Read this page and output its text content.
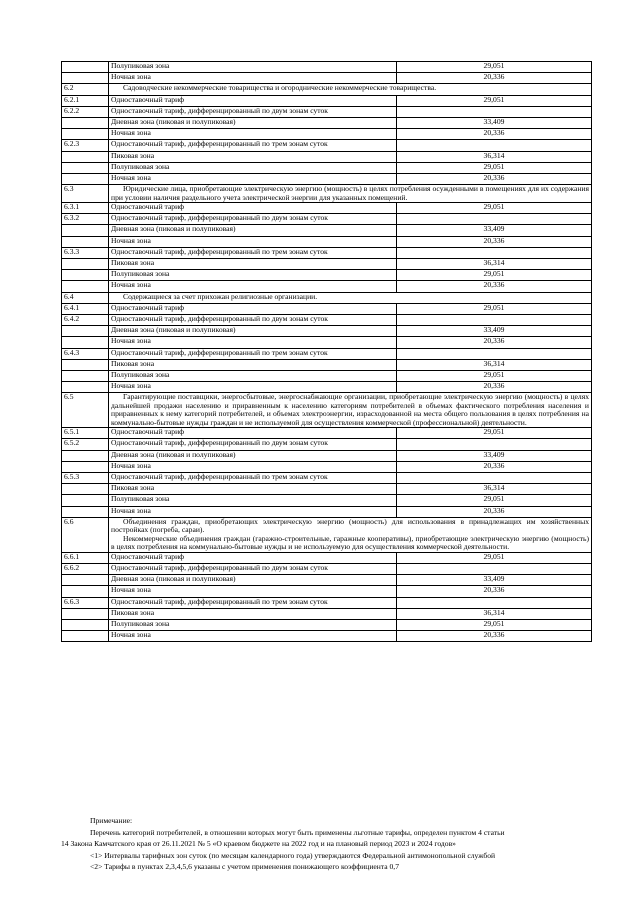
	Полупиковая зона	29,051
	Ночная зона	20,336
6.2	Садоводческие некоммерческие товарищества и огороднические некоммерческие товарищества.	

6.2.1	Одноставочный тариф	29,051
6.2.2	Одноставочный тариф, дифференцированный по двум зонам суток	
	Дневная зона (пиковая и полупиковая)	33,409
	Ночная зона	20,336
6.2.3	Одноставочный тариф, дифференцированный по трем зонам суток	
	Пиковая зона	36,314
	Полупиковая зона	29,051
	Ночная зона	20,336
6.3	Юридические лица, приобретающие электрическую энергию (мощность) в целях потребления осужденными в помещениях для их содержания при условии наличия раздельного учета электрической энергии для указанных помещений.	

6.3.1	Одноставочный тариф	29,051
6.3.2	Одноставочный тариф, дифференцированный по двум зонам суток	
	Дневная зона (пиковая и полупиковая)	33,409
	Ночная зона	20,336
6.3.3	Одноставочный тариф, дифференцированный по трем зонам суток	
	Пиковая зона	36,314
	Полупиковая зона	29,051
	Ночная зона	20,336
6.4	Содержащиеся за счет прихожан религиозные организации.	

6.4.1	Одноставочный тариф	29,051
6.4.2	Одноставочный тариф, дифференцированный по двум зонам суток	
	Дневная зона (пиковая и полупиковая)	33,409
	Ночная зона	20,336
6.4.3	Одноставочный тариф, дифференцированный по трем зонам суток	
	Пиковая зона	36,314
	Полупиковая зона	29,051
	Ночная зона	20,336
6.5	Гарантирующие поставщики, энергосбытовые, энергоснабжающие организации, приобретающие электрическую энергию (мощность) в целях дальнейшей продажи населению и приравненным к населению категориям потребителей в объемах фактического потребления населения и приравненных к нему категорий потребителей, и объемах электроэнергии, израсходованной на места общего пользования в целях потребления на коммунально-бытовые нужды граждан и не используемой для осуществления коммерческой (профессиональной) деятельности.	

6.5.1	Одноставочный тариф	29,051
6.5.2	Одноставочный тариф, дифференцированный по двум зонам суток	
	Дневная зона (пиковая и полупиковая)	33,409
	Ночная зона	20,336
6.5.3	Одноставочный тариф, дифференцированный по трем зонам суток	
	Пиковая зона	36,314
	Полупиковая зона	29,051
	Ночная зона	20,336
6.6	Объединения граждан, приобретающих электрическую энергию (мощность) для использования в принадлежащих им хозяйственных постройках (погреба, сараи).

Некоммерческие объединения граждан (гаражно-строительные, гаражные кооперативы), приобретающие электрическую энергию (мощность) в целях потребления на коммунально-бытовые нужды и не используемую для осуществления коммерческой деятельности.	

6.6.1	Одноставочный тариф	29,051
6.6.2	Одноставочный тариф, дифференцированный по двум зонам суток	
	Дневная зона (пиковая и полупиковая)	33,409
	Ночная зона	20,336
6.6.3	Одноставочный тариф, дифференцированный по трем зонам суток	
	Пиковая зона	36,314
	Полупиковая зона	29,051
	Ночная зона	20,336
Примечание:
Перечень категорий потребителей, в отношении которых могут быть применены льготные тарифы, определен пунктом 4 статьи
14 Закона Камчатского края от 26.11.2021 № 5 «О краевом бюджете на 2022 год и на плановый период 2023 и 2024 годов»
<1> Интервалы тарифных зон суток (по месяцам календарного года) утверждаются Федеральной антимонопольной службой
<2> Тарифы в пунктах 2,3,4,5,6 указаны с учетом применения понижающего коэффициента 0,7
